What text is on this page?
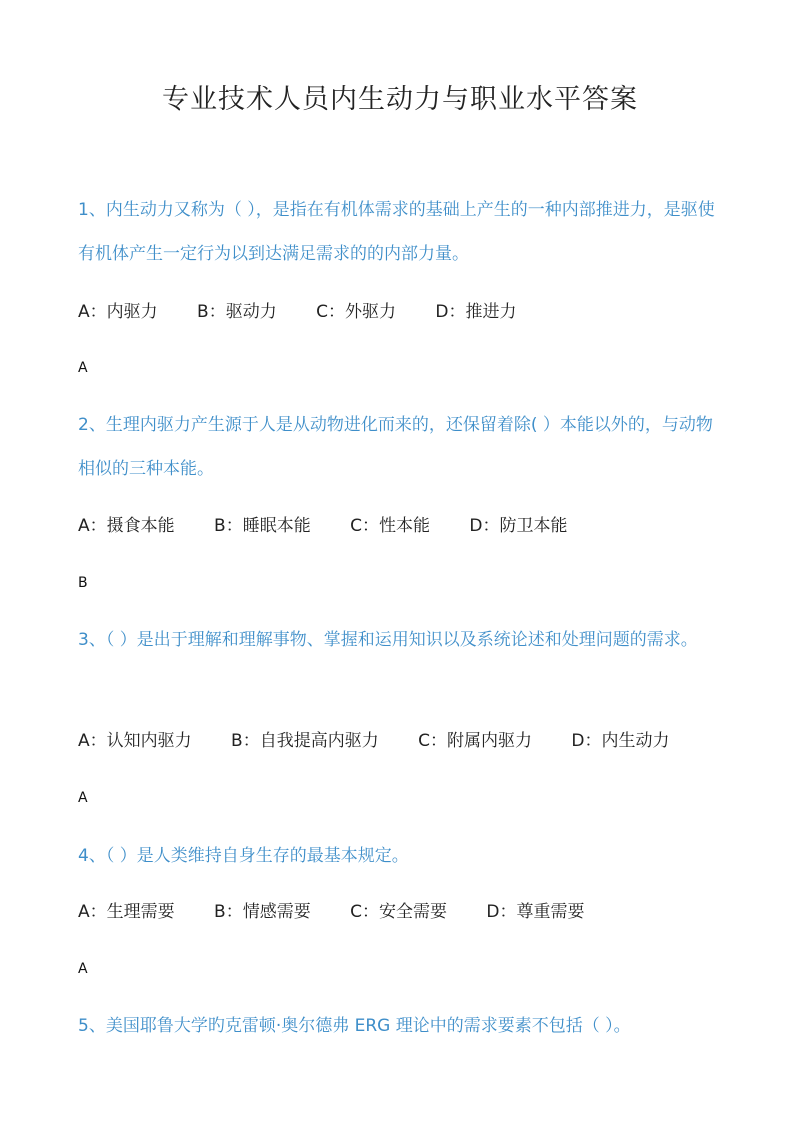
专业技术人员内生动力与职业水平答案

1、内生动力又称为（ ），是指在有机体需求的基础上产生的一种内部推进力，是驱使有机体产生一定行为以到达满足需求的的内部力量。

A：内驱力 B：驱动力 C：外驱力 D：推进力
A

2、生理内驱力产生源于人是从动物进化而来的，还保留着除( ）本能以外的，与动物相似的三种本能。

A：摄食本能 B：睡眠本能 C：性本能 D：防卫本能
B

3、（ ）是出于理解和理解事物、掌握和运用知识以及系统论述和处理问题的需求。

A：认知内驱力 B：自我提高内驱力 C：附属内驱力 D：内生动力
A

4、（ ）是人类维持自身生存的最基本规定。

A：生理需要 B：情感需要 C：安全需要 D：尊重需要
A

5、美国耶鲁大学旳克雷顿·奥尔德弗 ERG 理论中的需求要素不包括（ ）。
